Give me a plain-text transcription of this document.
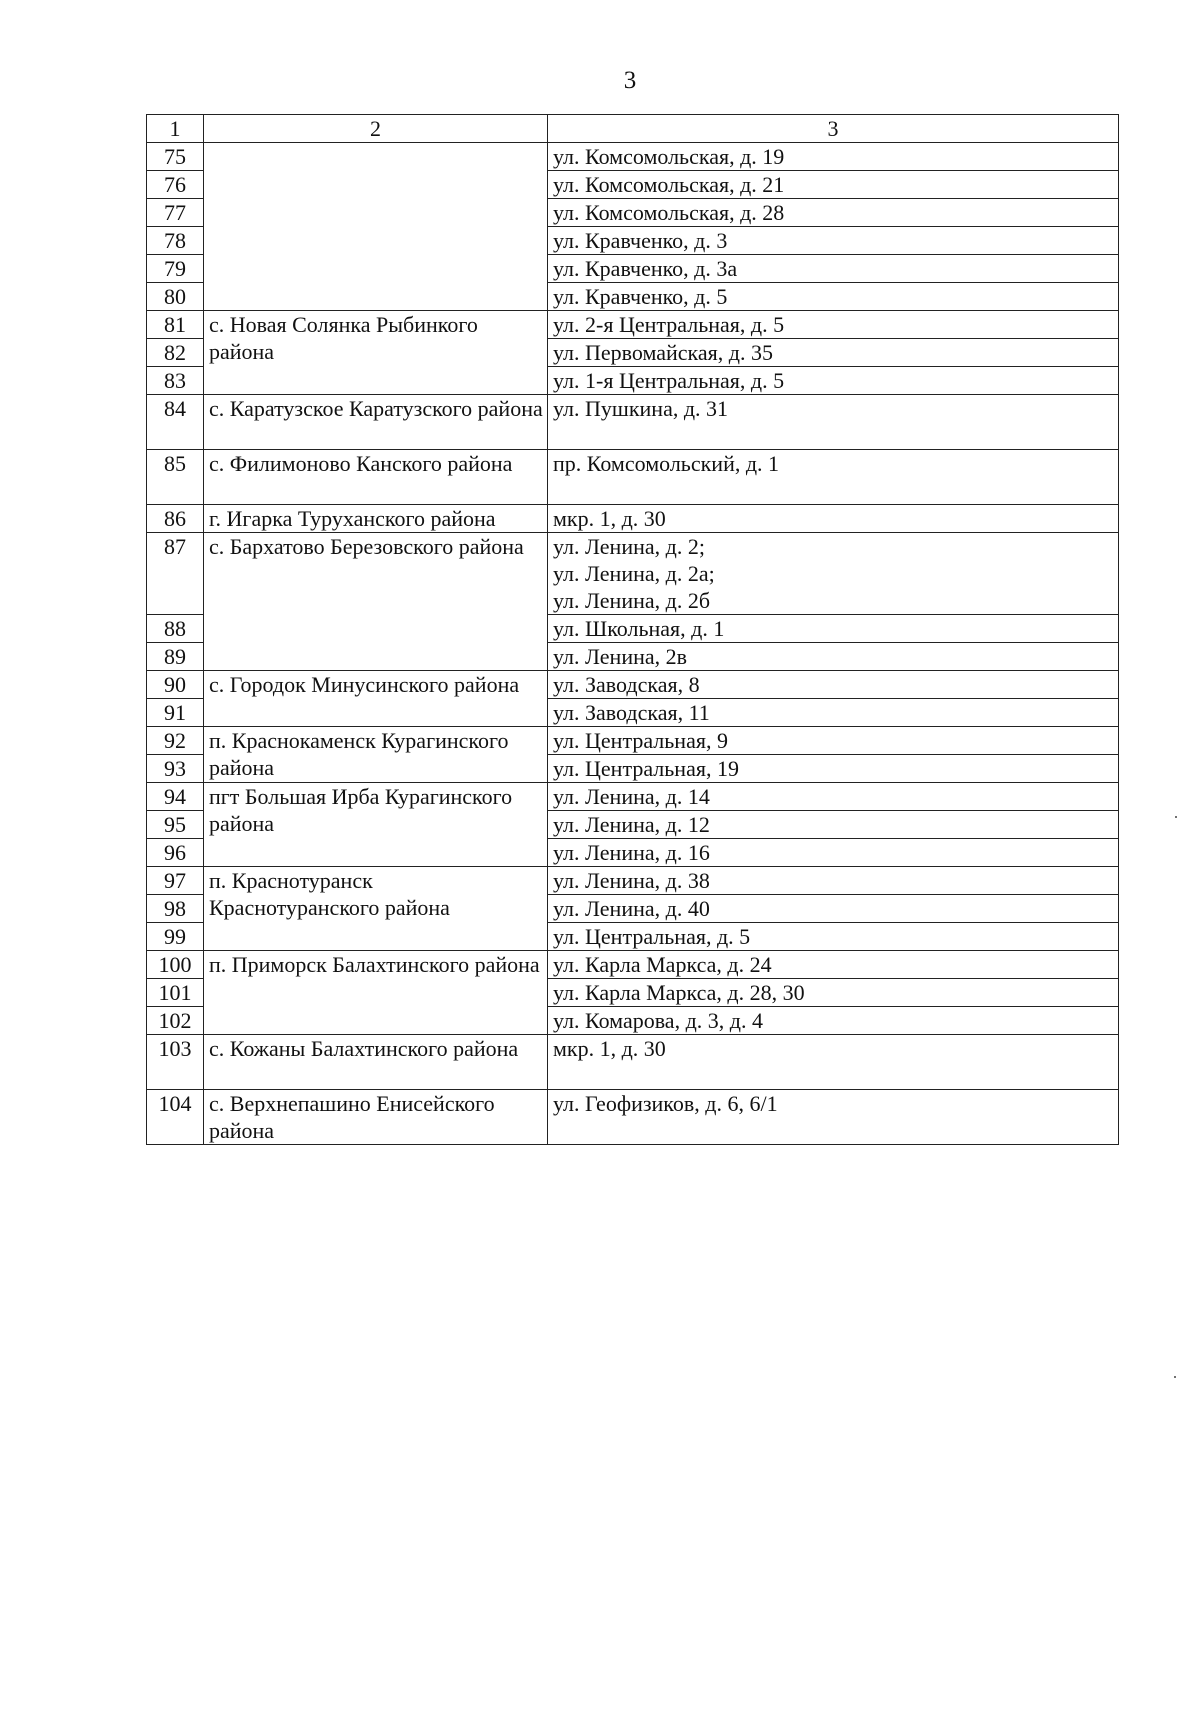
3
1	2	3
75		ул. Комсомольская, д. 19
76		ул. Комсомольская, д. 21
77		ул. Комсомольская, д. 28
78		ул. Кравченко, д. 3
79		ул. Кравченко, д. 3а
80		ул. Кравченко, д. 5
81	с. Новая Солянка Рыбинкого района	ул. 2-я Центральная, д. 5
82		ул. Первомайская, д. 35
83		ул. 1-я Центральная, д. 5
84	с. Каратузское Каратузского района	ул. Пушкина, д. 31
85	с. Филимоново Канского района	пр. Комсомольский, д. 1
86	г. Игарка Туруханского района	мкр. 1, д. 30
87	с. Бархатово Березовского района	ул. Ленина, д. 2;
ул. Ленина, д. 2а;
ул. Ленина, д. 2б
88		ул. Школьная, д. 1
89		ул. Ленина, 2в
90	с. Городок Минусинского района	ул. Заводская, 8
91		ул. Заводская, 11
92	п. Краснокаменск Курагинского района	ул. Центральная, 9
93		ул. Центральная, 19
94	пгт Большая Ирба Курагинского района	ул. Ленина, д. 14
95		ул. Ленина, д. 12
96		ул. Ленина, д. 16
97	п. Краснотуранск Краснотуранского района	ул. Ленина, д. 38
98		ул. Ленина, д. 40
99		ул. Центральная, д. 5
100	п. Приморск Балахтинского района	ул. Карла Маркса, д. 24
101		ул. Карла Маркса, д. 28, 30
102		ул. Комарова, д. 3, д. 4
103	с. Кожаны Балахтинского района	мкр. 1, д. 30
104	с. Верхнепашино Енисейского района	ул. Геофизиков, д. 6, 6/1
